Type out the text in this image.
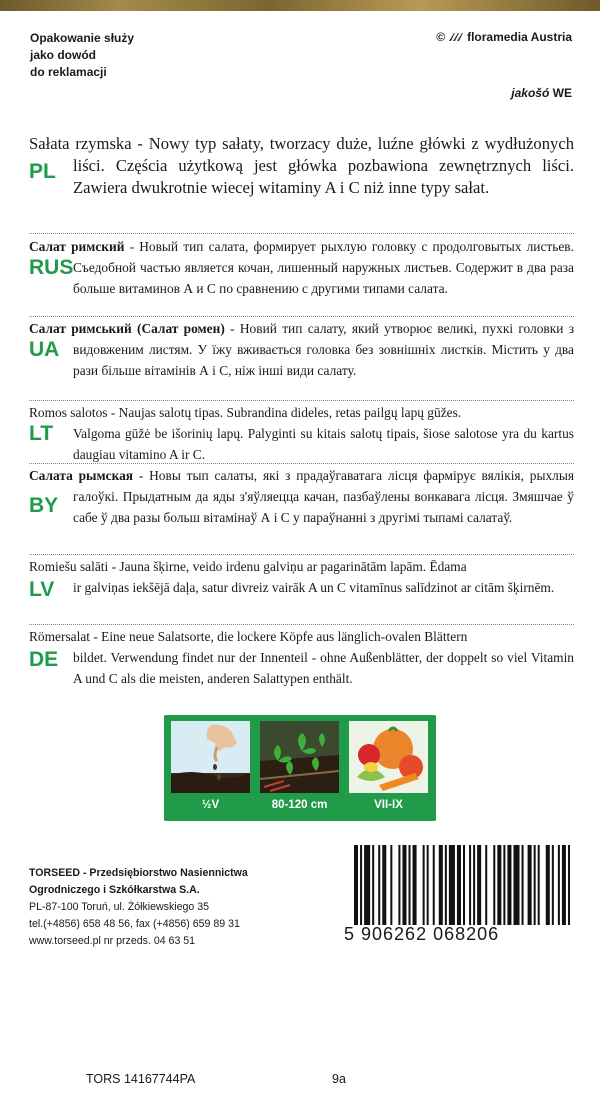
Opakowanie służy
jako dowód
do reklamacji
© floramedia Austria
jakošó WE
PL

Sałata rzymska - Nowy typ sałaty, tworzacy duże, luźne główki z wydłużonych liści. Częścia użytkową jest główka pozbawiona zewnętrznych liści. Zawiera dwukrotnie wiecej witaminy A i C niż inne typy sałat.

RUS
Салат римский - Новый тип салата, формирует рыхлую головку с продолговытых листьев. Съедобной частью является кочан, лишенный наружных листьев. Содержит в два раза больше витаминов А и С по сравнению с другими типами салата.
UA
Салат римський (Салат ромен) - Новий тип салату, який утворює великі, пухкі головки з видовженим листям. У їжу вживається головка без зовнішніх листків. Містить у два рази більше вітамінів А і С, ніж інші види салату.
LT
Romos salotos - Naujas salotų tipas. Subrandina dideles, retas pailgų lapų gūžes.
Valgoma gūžė be išorinių lapų. Palyginti su kitais salotų tipais, šiose salotose yra du kartus daugiau vitamino A ir C.
BY
Салата рымская - Новы тып салаты, які з прадаўгаватага лісця фармірує вялікія, рыхлыя галоўкі. Прыдатным да яды з'яўляецца качан, пазбаўлены вонкавага лісця. Змяшчае ў сабе ў два разы больш вітамінаў А і С у параўнанні з другімі тыпамі салатаў.
LV
Romiešu salāti - Jauna šķirne, veido irdenu galviņu ar pagarinātām lapām. Ēdama
ir galviņas iekšējā daļa, satur divreiz vairāk A un C vitamīnus salīdzinot ar citām šķirnēm.
DE
Römersalat - Eine neue Salatsorte, die lockere Köpfe aus länglich-ovalen Blättern
bildet. Verwendung findet nur der Innenteil - ohne Außenblätter, der doppelt so viel Vitamin A und C als die meisten, anderen Salattypen enthält.
½V	80-120 cm	VII-IX
TORSEED - Przedsiębiorstwo Nasiennictwa
Ogrodniczego i Szkółkarstwa S.A.
PL-87-100 Toruń, ul. Żółkiewskiego 35
tel.(+4856) 658 48 56, fax (+4856) 659 89 31
www.torseed.pl nr przeds. 04 63 51	5 906262 068206
TORS 14167744PA	9a
